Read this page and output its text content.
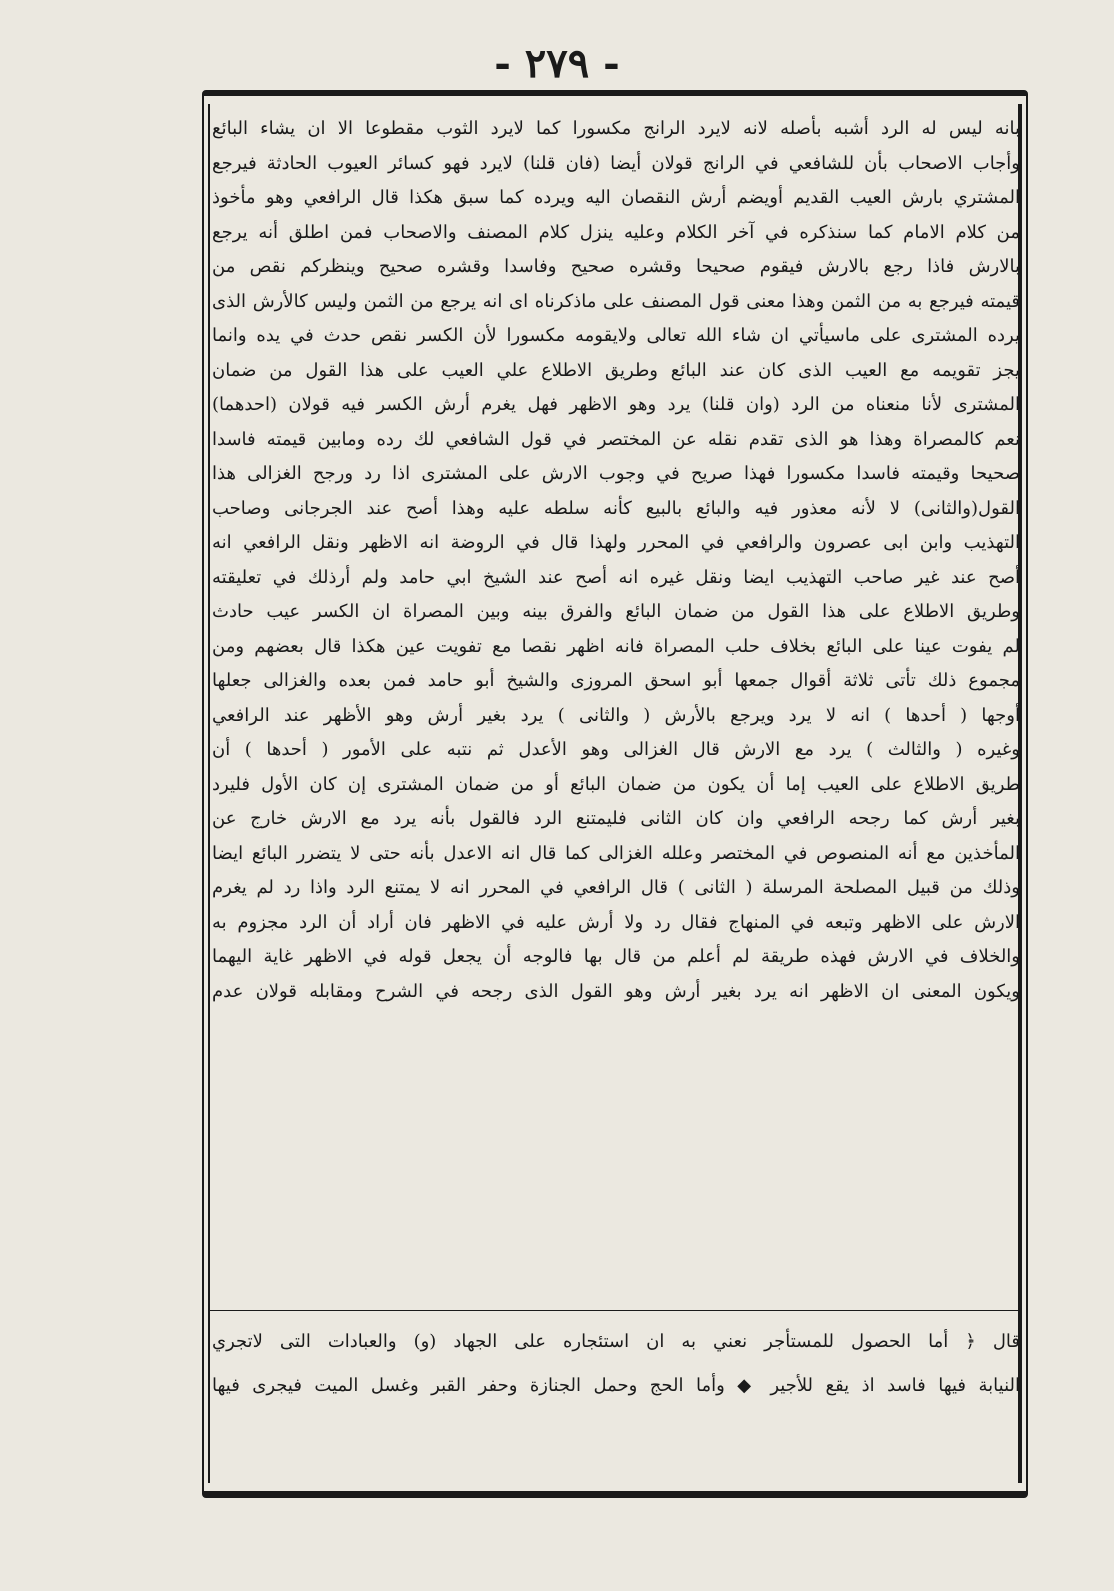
- ٢٧٩ -

بانه ليس له الرد أشبه بأصله لانه لايرد الرانج مكسورا كما لايرد الثوب مقطوعا الا ان يشاء البائع

وأجاب الاصحاب بأن للشافعي في الرانج قولان أيضا (فان قلنا) لايرد فهو كسائر العيوب الحادثة فيرجع

المشتري بارش العيب القديم أويضم أرش النقصان اليه ويرده كما سبق هكذا قال الرافعي وهو مأخوذ

من كلام الامام كما سنذكره في آخر الكلام وعليه ينزل كلام المصنف والاصحاب فمن اطلق أنه يرجع

بالارش فاذا رجع بالارش فيقوم صحيحا وقشره صحيح وفاسدا وقشره صحيح وينظركم نقص من

قيمته فيرجع به من الثمن وهذا معنى قول المصنف على ماذكرناه اى انه يرجع من الثمن وليس كالأرش الذى

يرده المشترى على ماسيأتي ان شاء الله تعالى ولايقومه مكسورا لأن الكسر نقص حدث في يده وانما

يجز تقويمه مع العيب الذى كان عند البائع وطريق الاطلاع علي العيب على هذا القول من ضمان

المشترى لأنا منعناه من الرد (وان قلنا) يرد وهو الاظهر فهل يغرم أرش الكسر فيه قولان (احدهما)

نعم كالمصراة وهذا هو الذى تقدم نقله عن المختصر في قول الشافعي لك رده ومابين قيمته فاسدا

صحيحا وقيمته فاسدا مكسورا فهذا صريح في وجوب الارش على المشترى اذا رد ورجح الغزالى هذا

القول(والثانى) لا لأنه معذور فيه والبائع بالبيع كأنه سلطه عليه وهذا أصح عند الجرجانى وصاحب

التهذيب وابن ابى عصرون والرافعي في المحرر ولهذا قال في الروضة انه الاظهر ونقل الرافعي انه

أصح عند غير صاحب التهذيب ايضا ونقل غيره انه أصح عند الشيخ ابي حامد ولم أرذلك في تعليقته

وطريق الاطلاع على هذا القول من ضمان البائع والفرق بينه وبين المصراة ان الكسر عيب حادث

لم يفوت عينا على البائع بخلاف حلب المصراة فانه اظهر نقصا مع تفويت عين هكذا قال بعضهم ومن

مجموع ذلك تأتى ثلاثة أقوال جمعها أبو اسحق المروزى والشيخ أبو حامد فمن بعده والغزالى جعلها

أوجها ( أحدها ) انه لا يرد ويرجع بالأرش ( والثانى ) يرد بغير أرش وهو الأظهر عند الرافعي

وغيره ( والثالث ) يرد مع الارش قال الغزالى وهو الأعدل ثم نتبه على الأمور ( أحدها ) أن

طريق الاطلاع على العيب إما أن يكون من ضمان البائع أو من ضمان المشترى إن كان الأول فليرد

بغير أرش كما رجحه الرافعي وان كان الثانى فليمتنع الرد فالقول بأنه يرد مع الارش خارج عن

المأخذين مع أنه المنصوص في المختصر وعلله الغزالى كما قال انه الاعدل بأنه حتى لا يتضرر البائع ايضا

وذلك من قبيل المصلحة المرسلة ( الثانى ) قال الرافعي في المحرر انه لا يمتنع الرد واذا رد لم يغرم

الارش على الاظهر وتبعه في المنهاج فقال رد ولا أرش عليه في الاظهر فان أراد أن الرد مجزوم به

والخلاف في الارش فهذه طريقة لم أعلم من قال بها فالوجه أن يجعل قوله في الاظهر غاية اليهما

ويكون المعنى ان الاظهر انه يرد بغير أرش وهو القول الذى رجحه في الشرح ومقابله قولان عدم

قال ﴿ أما الحصول للمستأجر نعني به ان استئجاره على الجهاد (و) والعبادات التى لاتجري

النيابة فيها فاسد اذ يقع للأجير ◆ وأما الحج وحمل الجنازة وحفر القبر وغسل الميت فيجرى فيها
